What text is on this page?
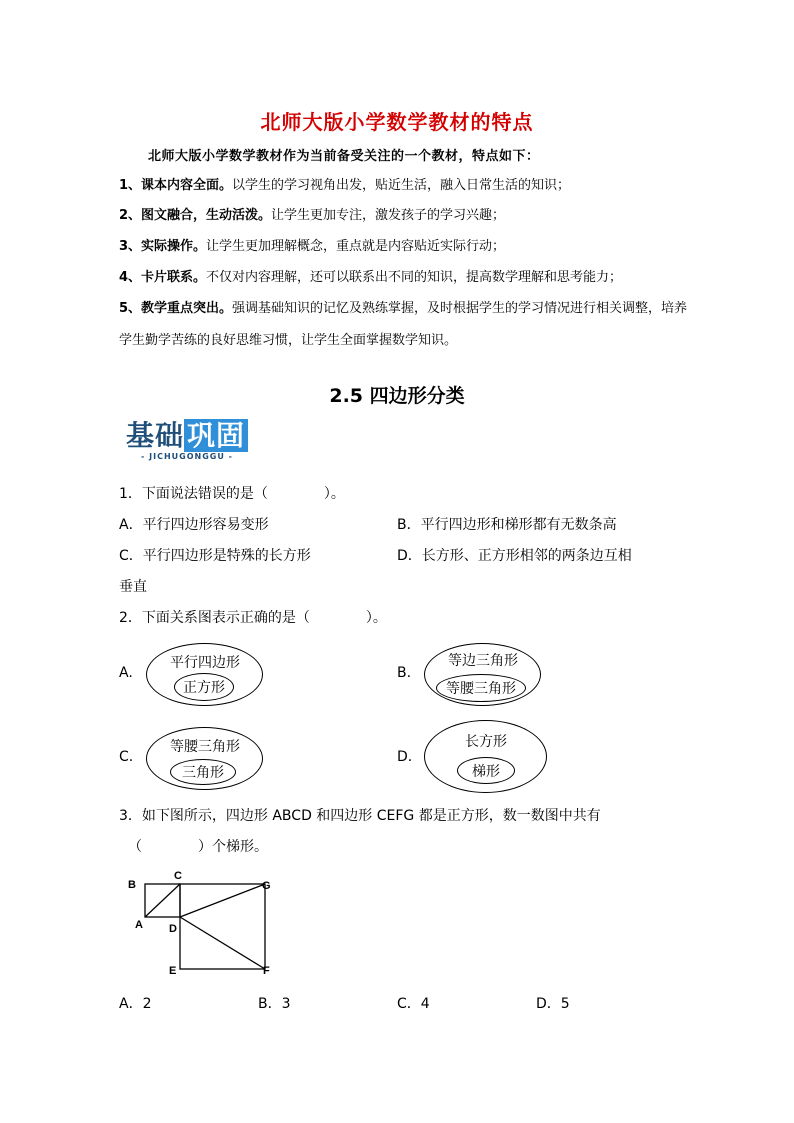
北师大版小学数学教材的特点
北师大版小学数学教材作为当前备受关注的一个教材，特点如下：
1、课本内容全面。以学生的学习视角出发，贴近生活，融入日常生活的知识；
2、图文融合，生动活泼。让学生更加专注，激发孩子的学习兴趣；
3、实际操作。让学生更加理解概念，重点就是内容贴近实际行动；
4、卡片联系。不仅对内容理解，还可以联系出不同的知识，提高数学理解和思考能力；
5、教学重点突出。强调基础知识的记忆及熟练掌握，及时根据学生的学习情况进行相关调整，培养学生勤学苦练的良好思维习惯，让学生全面掌握数学知识。
2.5 四边形分类
基础 巩固
- JICHUGONGGU -
1．下面说法错误的是（　　　　）。
A．平行四边形容易变形	B．平行四边形和梯形都有无数条高
C．平行四边形是特殊的长方形	D．长方形、正方形相邻的两条边互相
垂直
2．下面关系图表示正确的是（　　　　）。
A.
平行四边形
正方形
B.
等边三角形
等腰三角形
C.
等腰三角形
三角形
D.
长方形
梯形
3．如下图所示，四边形 ABCD 和四边形 CEFG 都是正方形，数一数图中共有
（　　　　）个梯形。
B
C
G
A D
E	F
A．2	B．3	C．4	D．5
